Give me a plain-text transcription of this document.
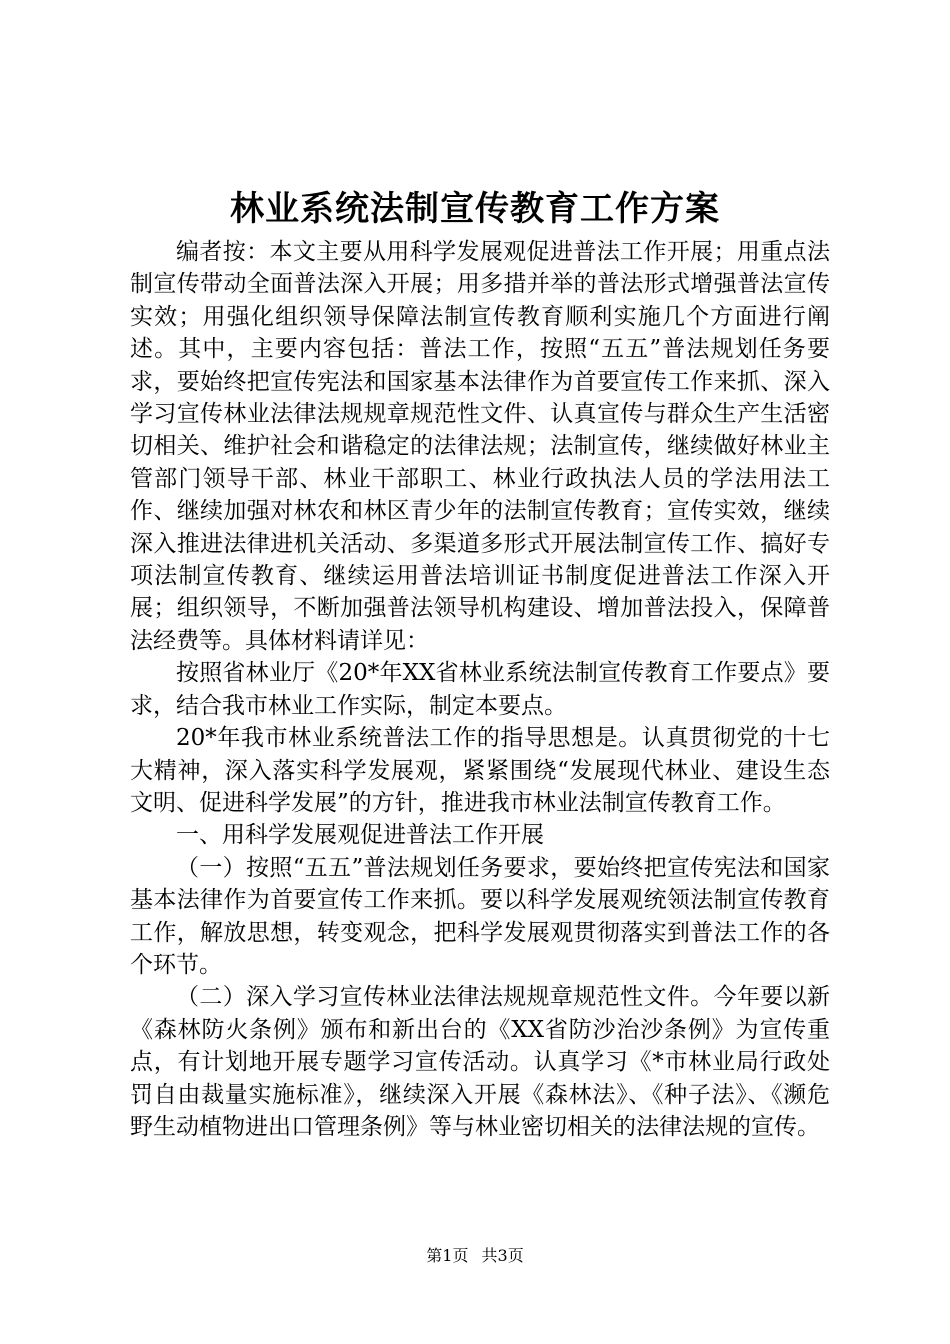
林业系统法制宣传教育工作方案

编者按：本文主要从用科学发展观促进普法工作开展；用重点法制宣传带动全面普法深入开展；用多措并举的普法形式增强普法宣传实效；用强化组织领导保障法制宣传教育顺利实施几个方面进行阐述。其中，主要内容包括：普法工作，按照“五五”普法规划任务要求，要始终把宣传宪法和国家基本法律作为首要宣传工作来抓、深入学习宣传林业法律法规规章规范性文件、认真宣传与群众生产生活密切相关、维护社会和谐稳定的法律法规；法制宣传，继续做好林业主管部门领导干部、林业干部职工、林业行政执法人员的学法用法工作、继续加强对林农和林区青少年的法制宣传教育；宣传实效，继续深入推进法律进机关活动、多渠道多形式开展法制宣传工作、搞好专项法制宣传教育、继续运用普法培训证书制度促进普法工作深入开展；组织领导，不断加强普法领导机构建设、增加普法投入，保障普法经费等。具体材料请详见：

按照省林业厅《20*年XX省林业系统法制宣传教育工作要点》要求，结合我市林业工作实际，制定本要点。

20*年我市林业系统普法工作的指导思想是。认真贯彻党的十七大精神，深入落实科学发展观，紧紧围绕“发展现代林业、建设生态文明、促进科学发展”的方针，推进我市林业法制宣传教育工作。

一、用科学发展观促进普法工作开展

（一）按照“五五”普法规划任务要求，要始终把宣传宪法和国家基本法律作为首要宣传工作来抓。要以科学发展观统领法制宣传教育工作，解放思想，转变观念，把科学发展观贯彻落实到普法工作的各个环节。

（二）深入学习宣传林业法律法规规章规范性文件。今年要以新《森林防火条例》颁布和新出台的《XX省防沙治沙条例》为宣传重点，有计划地开展专题学习宣传活动。认真学习《*市林业局行政处罚自由裁量实施标准》，继续深入开展《森林法》、《种子法》、《濒危野生动植物进出口管理条例》等与林业密切相关的法律法规的宣传。

第1页 共3页
